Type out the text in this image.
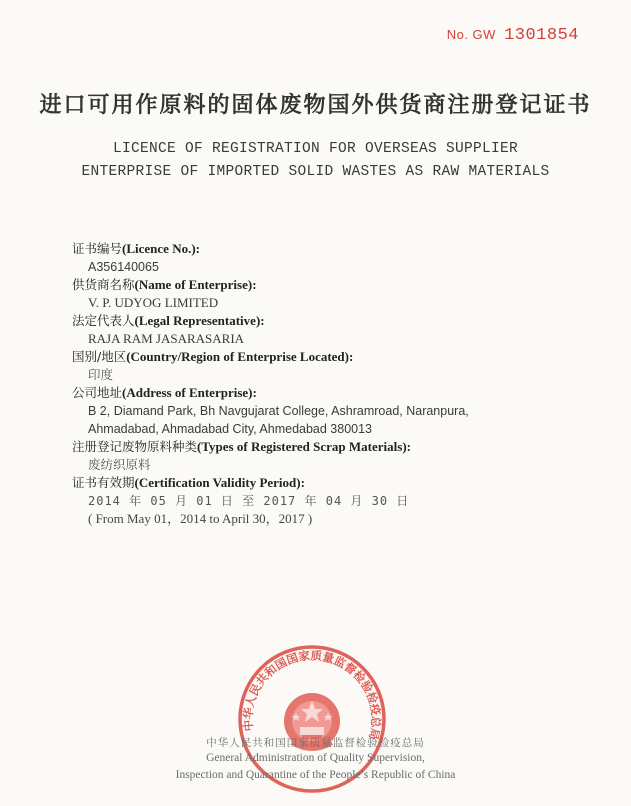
No. GW 1301854
进口可用作原料的固体废物国外供货商注册登记证书
LICENCE OF REGISTRATION FOR OVERSEAS SUPPLIER
ENTERPRISE OF IMPORTED SOLID WASTES AS RAW MATERIALS
证书编号(Licence No.):
A356140065
供货商名称(Name of Enterprise):
V. P. UDYOG LIMITED
法定代表人(Legal Representative):
RAJA RAM JASARASARIA
国别/地区(Country/Region of Enterprise Located):
印度
公司地址(Address of Enterprise):
B 2, Diamand Park, Bh Navgujarat College, Ashramroad, Naranpura,
Ahmadabad, Ahmadabad City, Ahmedabad 380013
注册登记废物原料种类(Types of Registered Scrap Materials):
废纺织原料
证书有效期(Certification Validity Period):
2014 年 05 月 01 日 至 2017 年 04 月 30 日
( From May 01，2014 to April 30，2017 )
中华人民共和国国家质量监督检验检疫总局
中华人民共和国国家质量监督检验检疫总局
General Administration of Quality Supervision,
Inspection and Quarantine of the People’s Republic of China
